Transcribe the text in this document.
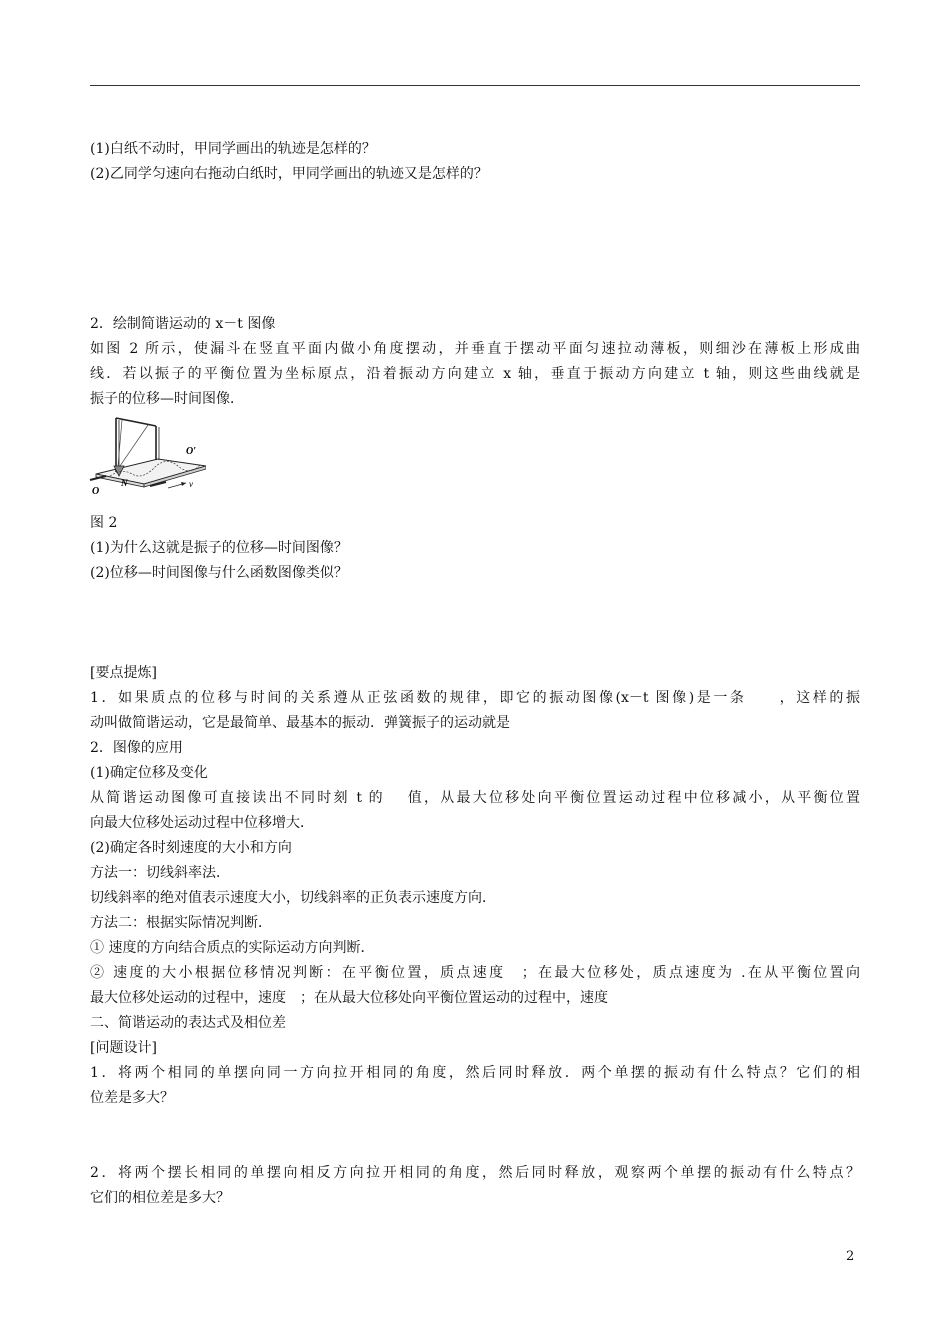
(1)白纸不动时，甲同学画出的轨迹是怎样的？
(2)乙同学匀速向右拖动白纸时，甲同学画出的轨迹又是怎样的？
2．绘制简谐运动的 x－t 图像
如图 2 所示，使漏斗在竖直平面内做小角度摆动，并垂直于摆动平面匀速拉动薄板，则细沙在薄板上形成曲
线．若以振子的平衡位置为坐标原点，沿着振动方向建立 x 轴，垂直于振动方向建立 t 轴，则这些曲线就是
振子的位移—时间图像．
O′
O
N	v
图 2
(1)为什么这就是振子的位移—时间图像？
(2)位移—时间图像与什么函数图像类似？
[要点提炼]
1．如果质点的位移与时间的关系遵从正弦函数的规律，即它的振动图像(x－t 图像)是一条　　，这样的振
动叫做简谐运动，它是最简单、最基本的振动．弹簧振子的运动就是
2．图像的应用
(1)确定位移及变化
从简谐运动图像可直接读出不同时刻 t 的　 值，从最大位移处向平衡位置运动过程中位移减小，从平衡位置
向最大位移处运动过程中位移增大．
(2)确定各时刻速度的大小和方向
方法一：切线斜率法．
切线斜率的绝对值表示速度大小，切线斜率的正负表示速度方向．
方法二：根据实际情况判断．
① 速度的方向结合质点的实际运动方向判断．
② 速度的大小根据位移情况判断：在平衡位置，质点速度　；在最大位移处，质点速度为 .在从平衡位置向
最大位移处运动的过程中，速度　；在从最大位移处向平衡位置运动的过程中，速度
二、简谐运动的表达式及相位差
[问题设计]
1．将两个相同的单摆向同一方向拉开相同的角度，然后同时释放．两个单摆的振动有什么特点？它们的相
位差是多大？
2．将两个摆长相同的单摆向相反方向拉开相同的角度，然后同时释放，观察两个单摆的振动有什么特点？
它们的相位差是多大？
2
